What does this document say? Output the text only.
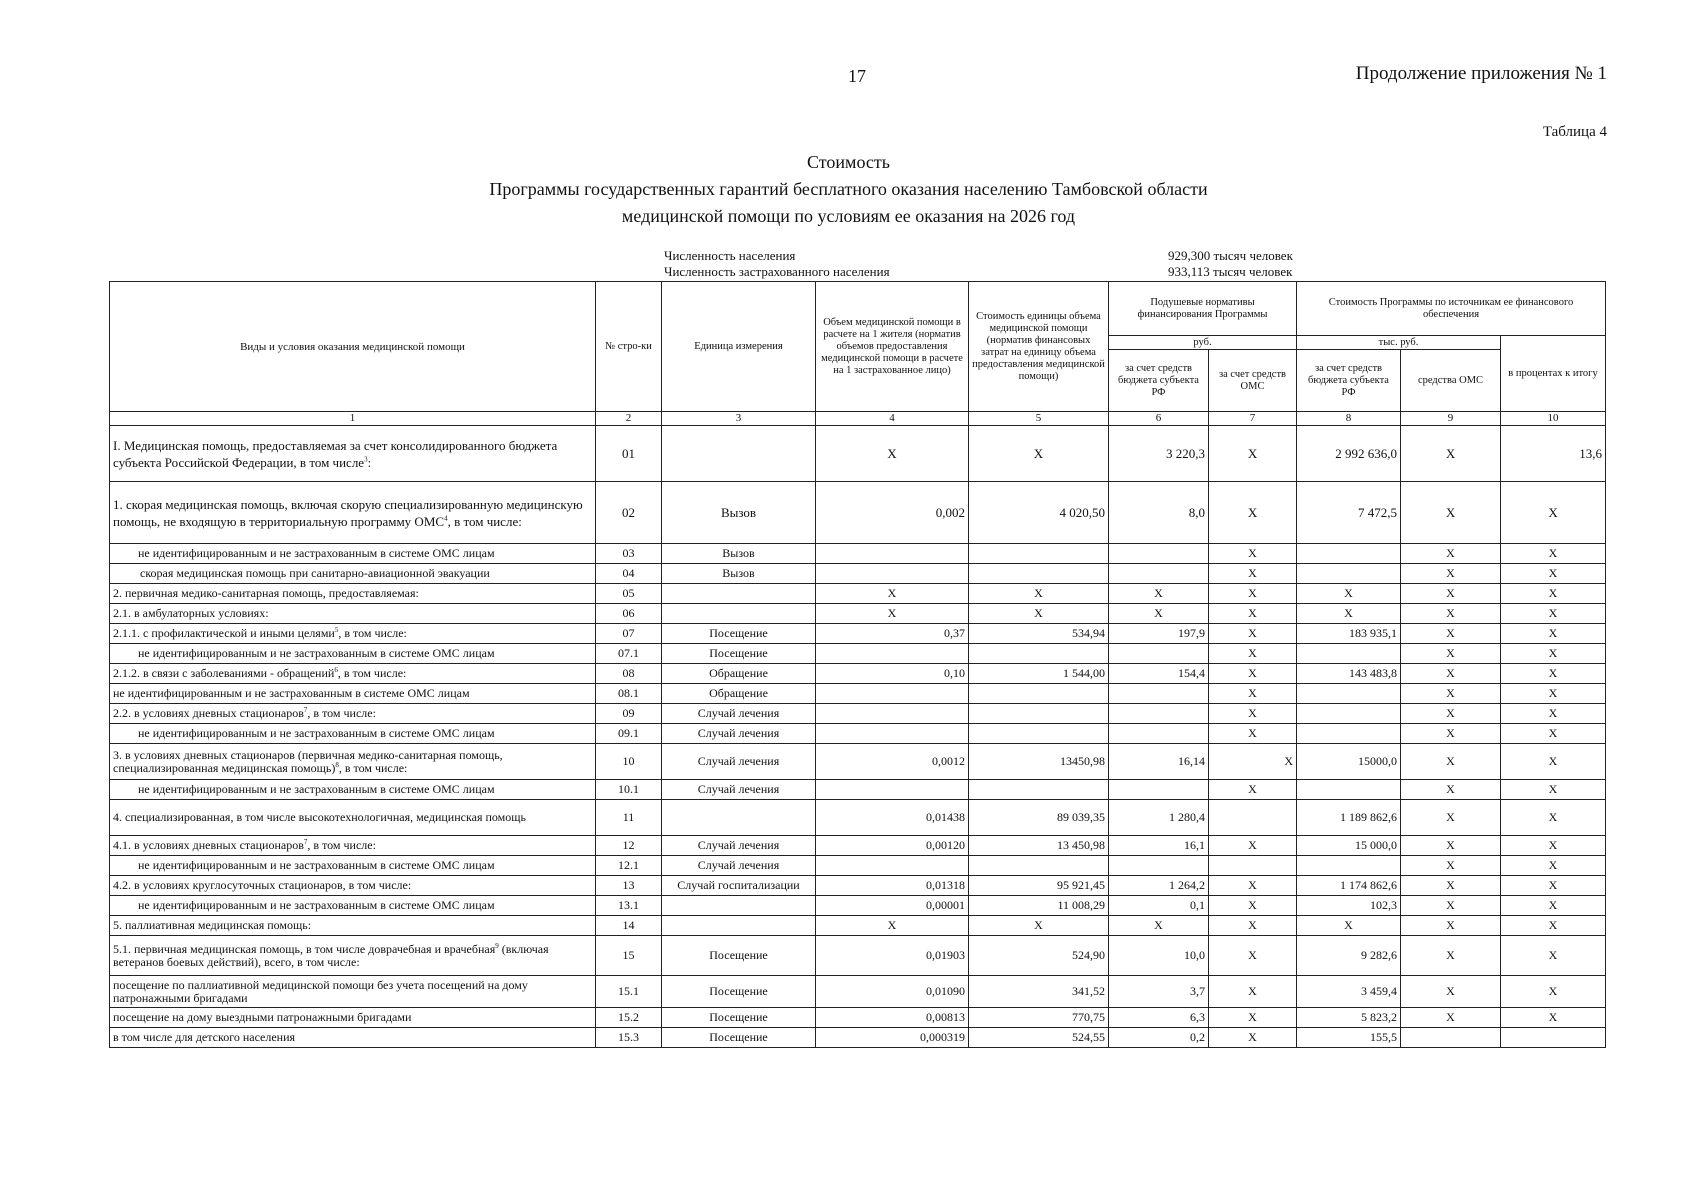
17	Продолжение приложения № 1
Таблица 4
Стоимость
Программы государственных гарантий бесплатного оказания населению Тамбовской области
медицинской помощи по условиям ее оказания на 2026 год
Численность населения	929,300 тысяч человек
Численность застрахованного населения	933,113 тысяч человек
Виды и условия оказания медицинской помощи	№ стро-ки	Единица измерения	Объем медицинской помощи в расчете на 1 жителя (норматив объемов предоставления медицинской помощи в расчете на 1 застрахованное лицо)	Стоимость единицы объема медицинской помощи (норматив финансовых затрат на единицу объема предоставления медицинской помощи)	Подушевые нормативы финансирования Программы		Стоимость Программы по источникам ее финансового обеспечения		
					руб.		тыс. руб.		в процентах к итогу
					за счет средств бюджета субъекта РФ	за счет средств ОМС	за счет средств бюджета субъекта РФ	средства ОМС	
1	2	3	4	5	6	7	8	9	10
I. Медицинская помощь, предоставляемая за счет консолидированного бюджета субъекта Российской Федерации, в том числе$^3$:	01		X	X	3 220,3	X	2 992 636,0	X	13,6
1. скорая медицинская помощь, включая скорую специализированную медицинскую помощь, не входящую в территориальную программу ОМС$^4$, в том числе:	02	Вызов	0,002	4 020,50	8,0	X	7 472,5	X	X
не идентифицированным и не застрахованным в системе ОМС лицам	03	Вызов				X		X	X
скорая медицинская помощь при санитарно-авиационной эвакуации	04	Вызов				X		X	X
2. первичная медико-санитарная помощь, предоставляемая:	05		X	X	X	X	X	X	X
2.1. в амбулаторных условиях:	06		X	X	X	X	X	X	X
2.1.1. с профилактической и иными целями$^5$, в том числе:	07	Посещение	0,37	534,94	197,9	X	183 935,1	X	X
не идентифицированным и не застрахованным в системе ОМС лицам	07.1	Посещение				X		X	X
2.1.2. в связи с заболеваниями - обращений$^6$, в том числе:	08	Обращение	0,10	1 544,00	154,4	X	143 483,8	X	X
не идентифицированным и не застрахованным в системе ОМС лицам	08.1	Обращение				X		X	X
2.2. в условиях дневных стационаров$^7$, в том числе:	09	Случай лечения				X		X	X
не идентифицированным и не застрахованным в системе ОМС лицам	09.1	Случай лечения				X		X	X
3. в условиях дневных стационаров (первичная медико-санитарная помощь, специализированная медицинская помощь)$^8$, в том числе:	10	Случай лечения	0,0012	13450,98	16,14	X	15000,0	X	X
не идентифицированным и не застрахованным в системе ОМС лицам	10.1	Случай лечения				X		X	X
4. специализированная, в том числе высокотехнологичная, медицинская помощь	11		0,01438	89 039,35	1 280,4		1 189 862,6	X	X
4.1. в условиях дневных стационаров$^7$, в том числе:	12	Случай лечения	0,00120	13 450,98	16,1	X	15 000,0	X	X
не идентифицированным и не застрахованным в системе ОМС лицам	12.1	Случай лечения						X	X
4.2. в условиях круглосуточных стационаров, в том числе:	13	Случай госпитализации	0,01318	95 921,45	1 264,2	X	1 174 862,6	X	X
не идентифицированным и не застрахованным в системе ОМС лицам	13.1		0,00001	11 008,29	0,1	X	102,3	X	X
5. паллиативная медицинская помощь:	14		X	X	X	X	X	X	X
5.1. первичная медицинская помощь, в том числе доврачебная и врачебная$^9$ (включая ветеранов боевых действий), всего, в том числе:	15	Посещение	0,01903	524,90	10,0	X	9 282,6	X	X
посещение по паллиативной медицинской помощи без учета посещений на дому патронажными бригадами	15.1	Посещение	0,01090	341,52	3,7	X	3 459,4	X	X
посещение на дому выездными патронажными бригадами	15.2	Посещение	0,00813	770,75	6,3	X	5 823,2	X	X
в том числе для детского населения	15.3	Посещение	0,000319	524,55	0,2	X	155,5		
